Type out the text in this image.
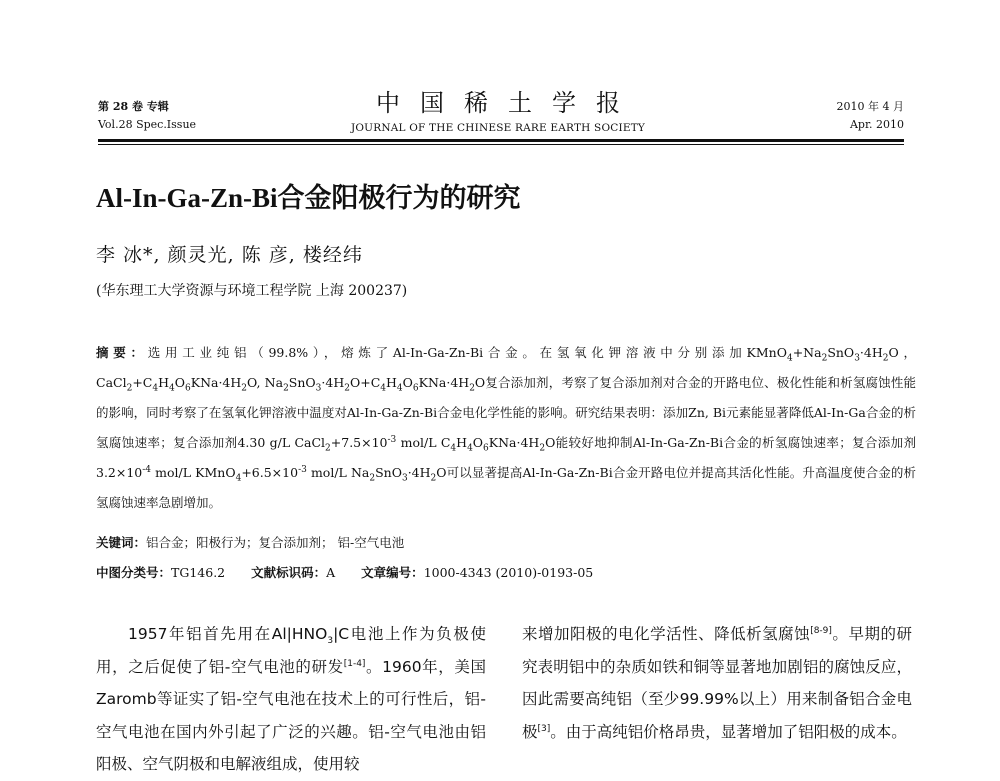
第 28 卷 专辑
Vol.28 Spec.Issue
中国稀土学报
JOURNAL OF THE CHINESE RARE EARTH SOCIETY
2010 年 4 月
Apr. 2010
Al-In-Ga-Zn-Bi合金阳极行为的研究
李 冰*, 颜灵光, 陈 彦, 楼经纬
(华东理工大学资源与环境工程学院 上海 200237)
摘要：选用工业纯铝（99.8%），熔炼了Al-In-Ga-Zn-Bi合金。在氢氧化钾溶液中分别添加$KMnO_4+Na_2SnO_3\cdot 4H_2O$，$CaCl_2+C_4H_4O_6KNa\cdot 4H_2O$, $Na_2SnO_3\cdot 4H_2O+C_4H_4O_6KNa\cdot 4H_2O$复合添加剂，考察了复合添加剂对合金的开路电位、极化性能和析氢腐蚀性能的影响，同时考察了在氢氧化钾溶液中温度对Al-In-Ga-Zn-Bi合金电化学性能的影响。研究结果表明：添加Zn, Bi元素能显著降低Al-In-Ga合金的析氢腐蚀速率；复合添加剂4.30 g/L $CaCl_2+7.5\times 10^{-3}$ mol/L $C_4H_4O_6KNa\cdot 4H_2O$能较好地抑制Al-In-Ga-Zn-Bi合金的析氢腐蚀速率；复合添加剂$3.2\times 10^{-4}$ mol/L $KMnO_4+6.5\times 10^{-3}$ mol/L $Na_2SnO_3\cdot 4H_2O$可以显著提高Al-In-Ga-Zn-Bi合金开路电位并提高其活化性能。升高温度使合金的析氢腐蚀速率急剧增加。
关键词：铝合金；阳极行为；复合添加剂； 铝-空气电池
中图分类号：TG146.2 文献标识码：A 文章编号：1000-4343 (2010)-0193-05
1957年铝首先用在$Al|HNO_3|C$电池上作为负极使用，之后促使了铝-空气电池的研发[1-4]。1960年，美国Zaromb等证实了铝-空气电池在技术上的可行性后，铝-空气电池在国内外引起了广泛的兴趣。铝-空气电池由铝阳极、空气阴极和电解液组成，使用较
来增加阳极的电化学活性、降低析氢腐蚀[8-9]。早期的研究表明铝中的杂质如铁和铜等显著地加剧铝的腐蚀反应，因此需要高纯铝（至少99.99%以上）用来制备铝合金电极[3]。由于高纯铝价格昂贵，显著增加了铝阳极的成本。
